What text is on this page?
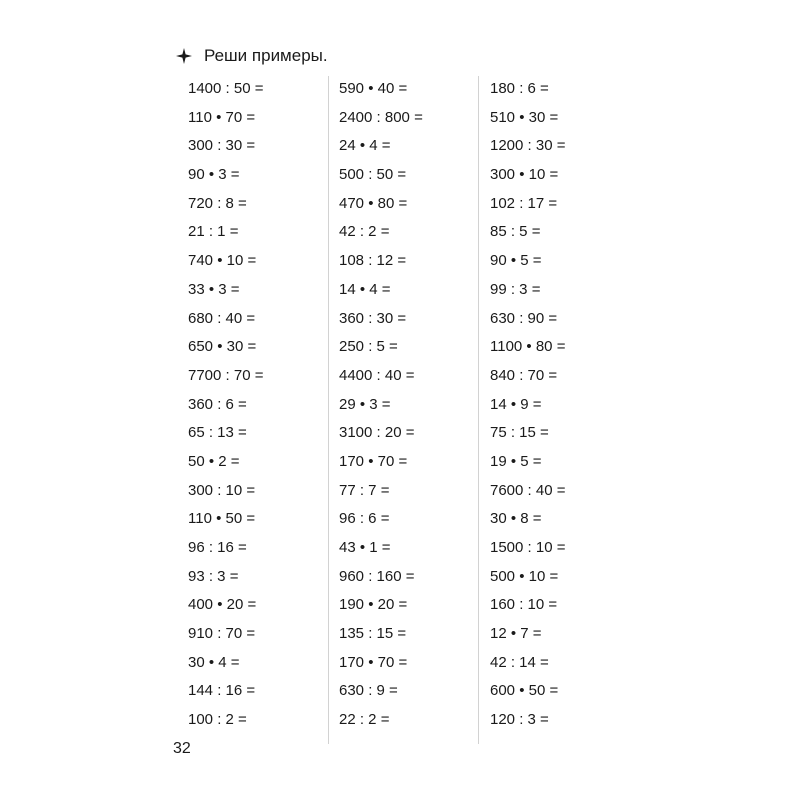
Реши примеры.
1400 : 50 =
110 • 70 =
300 : 30 =
90 • 3 =
720 : 8 =
21 : 1 =
740 • 10 =
33 • 3 =
680 : 40 =
650 • 30 =
7700 : 70 =
360 : 6 =
65 : 13 =
50 • 2 =
300 : 10 =
110 • 50 =
96 : 16 =
93 : 3 =
400 • 20 =
910 : 70 =
30 • 4 =
144 : 16 =
100 : 2 =
590 • 40 =
2400 : 800 =
24 • 4 =
500 : 50 =
470 • 80 =
42 : 2 =
108 : 12 =
14 • 4 =
360 : 30 =
250 : 5 =
4400 : 40 =
29 • 3 =
3100 : 20 =
170 • 70 =
77 : 7 =
96 : 6 =
43 • 1 =
960 : 160 =
190 • 20 =
135 : 15 =
170 • 70 =
630 : 9 =
22 : 2 =
180 : 6 =
510 • 30 =
1200 : 30 =
300 • 10 =
102 : 17 =
85 : 5 =
90 • 5 =
99 : 3 =
630 : 90 =
1100 • 80 =
840 : 70 =
14 • 9 =
75 : 15 =
19 • 5 =
7600 : 40 =
30 • 8 =
1500 : 10 =
500 • 10 =
160 : 10 =
12 • 7 =
42 : 14 =
600 • 50 =
120 : 3 =
32
